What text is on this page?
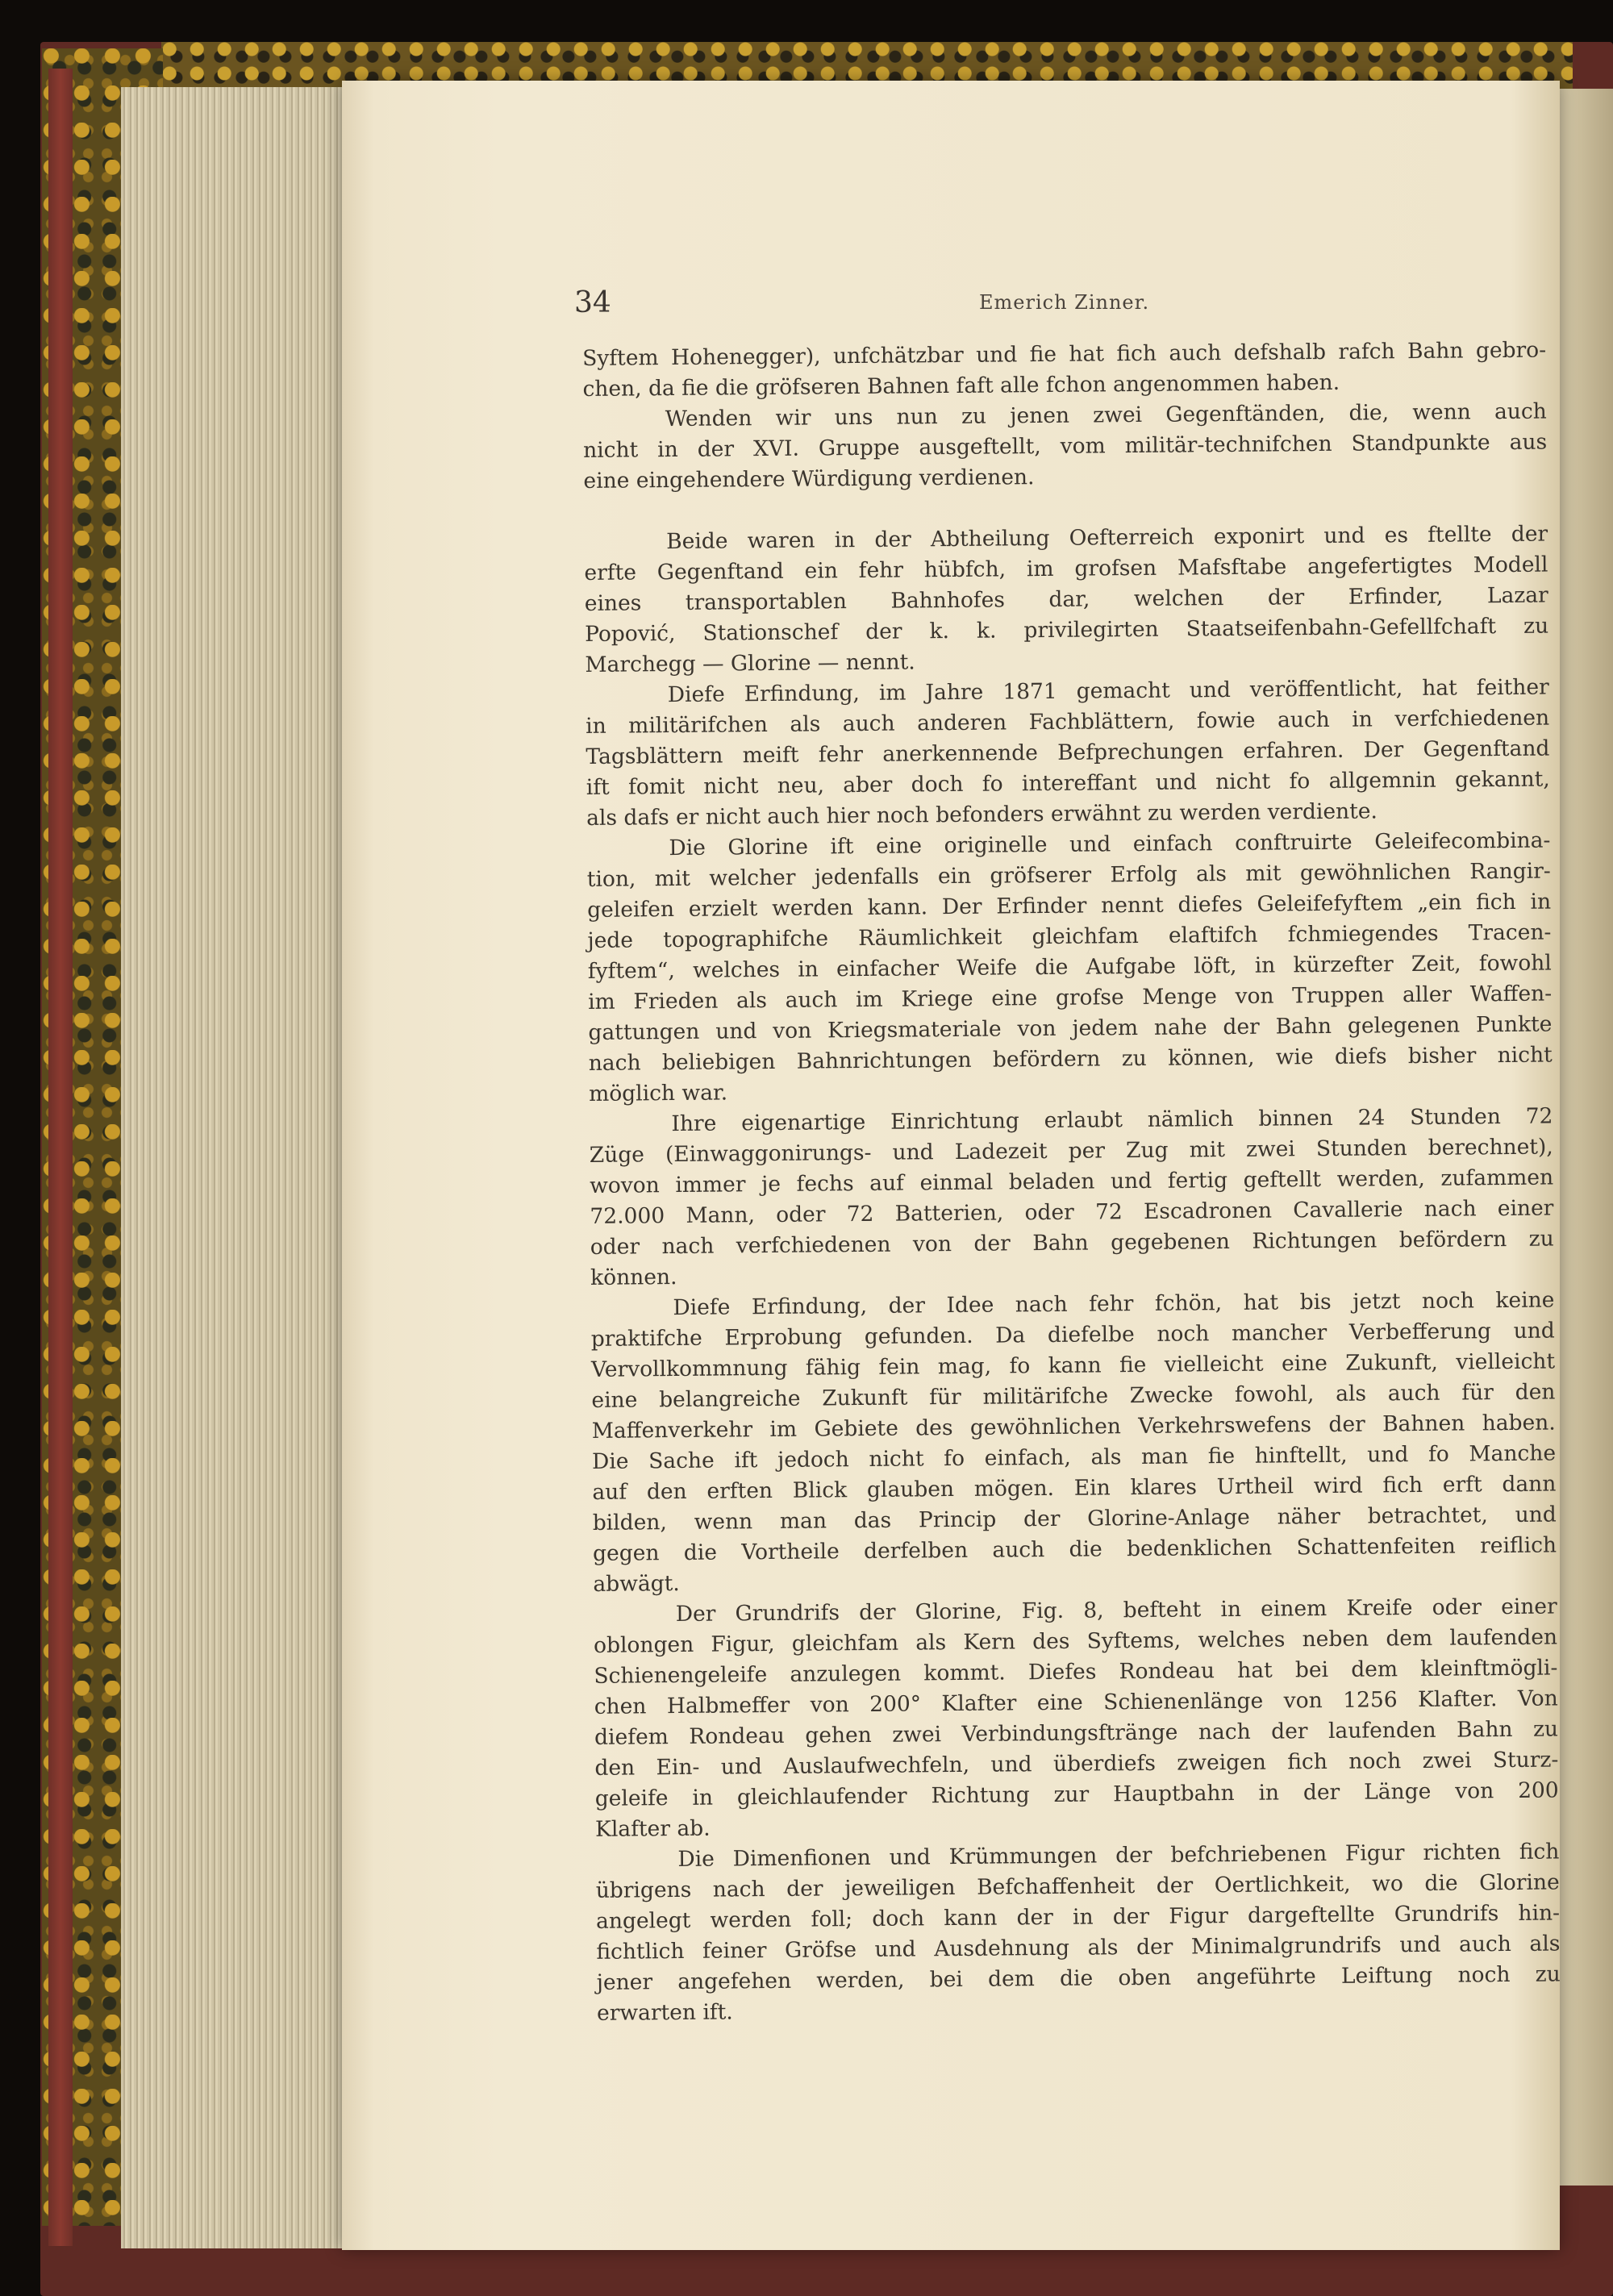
34	Emerich Zinner.

Syftem Hohenegger), unfchätzbar und fie hat fich auch defshalb rafch Bahn gebro-

chen, da fie die gröfseren Bahnen faft alle fchon angenommen haben.

Wenden wir uns nun zu jenen zwei Gegenftänden, die, wenn auch

nicht in der XVI. Gruppe ausgeftellt, vom militär-technifchen Standpunkte aus

eine eingehendere Würdigung verdienen.

Beide waren in der Abtheilung Oefterreich exponirt und es ftellte der

erfte Gegenftand ein fehr hübfch, im grofsen Mafsftabe angefertigtes Modell

eines transportablen Bahnhofes dar, welchen der Erfinder, Lazar

Popović, Stationschef der k. k. privilegirten Staatseifenbahn-Gefellfchaft zu

Marchegg — Glorine — nennt.

Diefe Erfindung, im Jahre 1871 gemacht und veröffentlicht, hat feither

in militärifchen als auch anderen Fachblättern, fowie auch in verfchiedenen

Tagsblättern meift fehr anerkennende Befprechungen erfahren. Der Gegenftand

ift fomit nicht neu, aber doch fo intereffant und nicht fo allgemnin gekannt,

als dafs er nicht auch hier noch befonders erwähnt zu werden verdiente.

Die Glorine ift eine originelle und einfach conftruirte Geleifecombina-

tion, mit welcher jedenfalls ein gröfserer Erfolg als mit gewöhnlichen Rangir-

geleifen erzielt werden kann. Der Erfinder nennt diefes Geleifefyftem „ein fich in

jede topographifche Räumlichkeit gleichfam elaftifch fchmiegendes Tracen-

fyftem“, welches in einfacher Weife die Aufgabe löft, in kürzefter Zeit, fowohl

im Frieden als auch im Kriege eine grofse Menge von Truppen aller Waffen-

gattungen und von Kriegsmateriale von jedem nahe der Bahn gelegenen Punkte

nach beliebigen Bahnrichtungen befördern zu können, wie diefs bisher nicht

möglich war.

Ihre eigenartige Einrichtung erlaubt nämlich binnen 24 Stunden 72

Züge (Einwaggonirungs- und Ladezeit per Zug mit zwei Stunden berechnet),

wovon immer je fechs auf einmal beladen und fertig geftellt werden, zufammen

72.000 Mann, oder 72 Batterien, oder 72 Escadronen Cavallerie nach einer

oder nach verfchiedenen von der Bahn gegebenen Richtungen befördern zu

können.

Diefe Erfindung, der Idee nach fehr fchön, hat bis jetzt noch keine

praktifche Erprobung gefunden. Da diefelbe noch mancher Verbefferung und

Vervollkommnung fähig fein mag, fo kann fie vielleicht eine Zukunft, vielleicht

eine belangreiche Zukunft für militärifche Zwecke fowohl, als auch für den

Maffenverkehr im Gebiete des gewöhnlichen Verkehrswefens der Bahnen haben.

Die Sache ift jedoch nicht fo einfach, als man fie hinftellt, und fo Manche

auf den erften Blick glauben mögen. Ein klares Urtheil wird fich erft dann

bilden, wenn man das Princip der Glorine-Anlage näher betrachtet, und

gegen die Vortheile derfelben auch die bedenklichen Schattenfeiten reiflich

abwägt.

Der Grundrifs der Glorine, Fig. 8, befteht in einem Kreife oder einer

oblongen Figur, gleichfam als Kern des Syftems, welches neben dem laufenden

Schienengeleife anzulegen kommt. Diefes Rondeau hat bei dem kleinftmögli-

chen Halbmeffer von 200° Klafter eine Schienenlänge von 1256 Klafter. Von

diefem Rondeau gehen zwei Verbindungsftränge nach der laufenden Bahn zu

den Ein- und Auslaufwechfeln, und überdiefs zweigen fich noch zwei Sturz-

geleife in gleichlaufender Richtung zur Hauptbahn in der Länge von 200

Klafter ab.

Die Dimenfionen und Krümmungen der befchriebenen Figur richten fich

übrigens nach der jeweiligen Befchaffenheit der Oertlichkeit, wo die Glorine

angelegt werden foll; doch kann der in der Figur dargeftellte Grundrifs hin-

fichtlich feiner Gröfse und Ausdehnung als der Minimalgrundrifs und auch als

jener angefehen werden, bei dem die oben angeführte Leiftung noch zu

erwarten ift.
